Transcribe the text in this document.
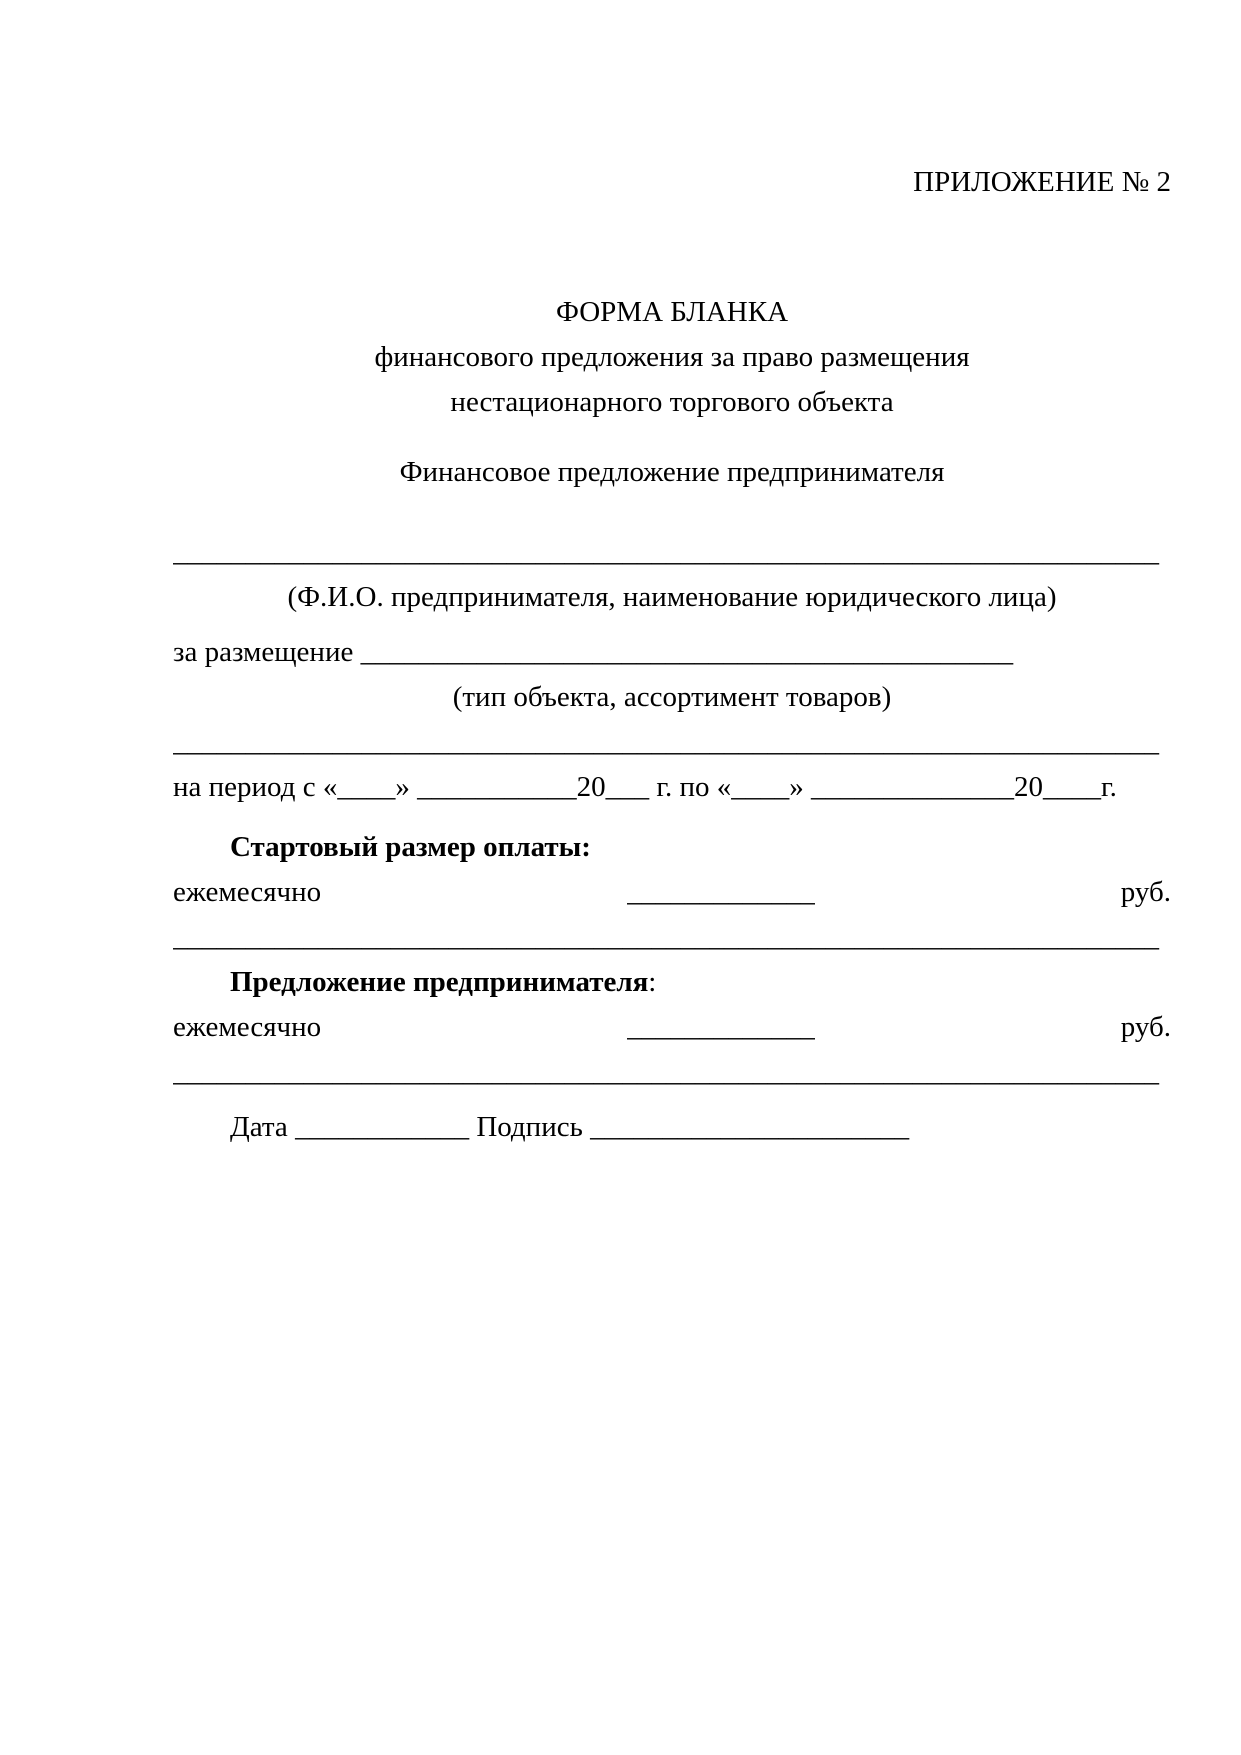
ПРИЛОЖЕНИЕ № 2

ФОРМА БЛАНКА

финансового предложения за право размещения

нестационарного торгового объекта

Финансовое предложение предпринимателя

____________________________________________________________________

(Ф.И.О. предпринимателя, наименование юридического лица)

за размещение _____________________________________________

(тип объекта, ассортимент товаров)

____________________________________________________________________

на период с «____» ___________20___ г. по «____» ______________20____г.

Стартовый размер оплаты:

ежемесячно	_____________	руб.

____________________________________________________________________

Предложение предпринимателя:

ежемесячно	_____________	руб.

____________________________________________________________________

Дата ____________ Подпись ______________________
